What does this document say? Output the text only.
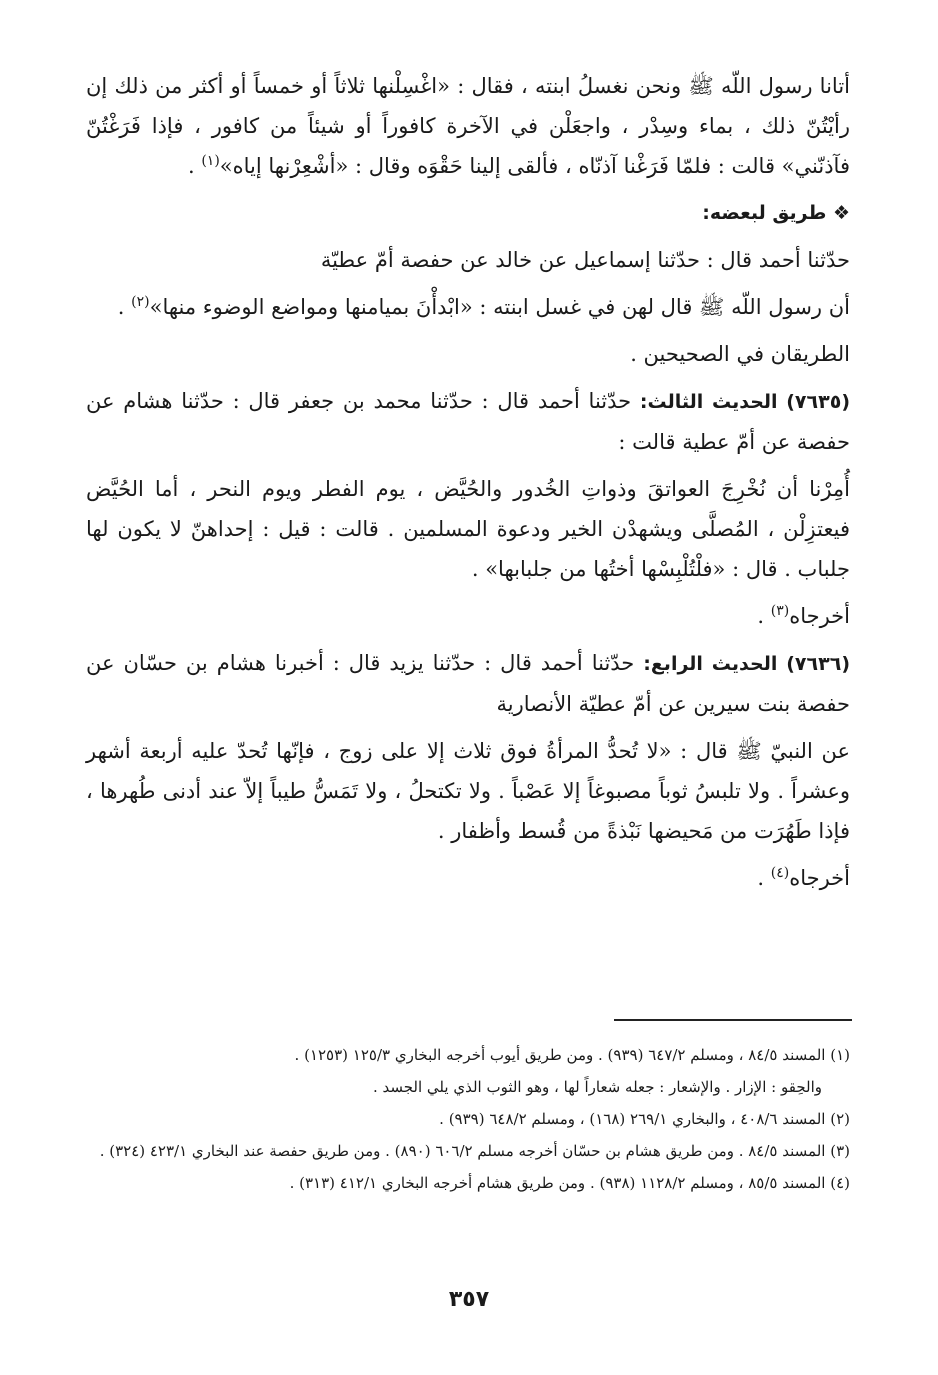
أتانا رسول اللّه ﷺ ونحن نغسلُ ابنته ، فقال : «اغْسِلْنها ثلاثاً أو خمساً أو أكثر من ذلك إن رأيْتُنّ ذلك ، بماء وسِدْر ، واجعَلْن في الآخرة كافوراً أو شيئاً من كافور ، فإذا فَرَغْتُنّ فآذنّني» قالت : فلمّا فَرَغْنا آذنّاه ، فألقى إلينا حَقْوَه وقال : «أشْعِرْنها إياه»$^{(١)}$ .

❖ طريق لبعضه:

حدّثنا أحمد قال : حدّثنا إسماعيل عن خالد عن حفصة أمّ عطيّة

أن رسول اللّه ﷺ قال لهن في غسل ابنته : «ابْدأْنَ بميامنها ومواضع الوضوء منها»$^{(٢)}$ .

الطريقان في الصحيحين .

(٧٦٣٥) الحديث الثالث: حدّثنا أحمد قال : حدّثنا محمد بن جعفر قال : حدّثنا هشام عن حفصة عن أمّ عطية قالت :

أُمِرْنا أن نُخْرِجَ العواتقَ وذواتِ الخُدور والحُيَّض ، يوم الفطر ويوم النحر ، أما الحُيَّض فيعتزِلْن ، المُصلَّى ويشهدْن الخير ودعوة المسلمين . قالت : قيل : إحداهنّ لا يكون لها جلباب . قال : «فلْتُلْبِسْها أختُها من جلبابها» .

أخرجاه$^{(٣)}$ .

(٧٦٣٦) الحديث الرابع: حدّثنا أحمد قال : حدّثنا يزيد قال : أخبرنا هشام بن حسّان عن حفصة بنت سيرين عن أمّ عطيّة الأنصارية

عن النبيّ ﷺ قال : «لا تُحدُّ المرأةُ فوق ثلاث إلا على زوج ، فإنّها تُحدّ عليه أربعة أشهر وعشراً . ولا تلبسُ ثوباً مصبوغاً إلا عَصْباً . ولا تكتحلُ ، ولا تَمَسُّ طيباً إلاّ عند أدنى طُهرها ، فإذا طَهُرَت من مَحيضها نَبْذةً من قُسط وأظفار .

أخرجاه$^{(٤)}$ .

(١) المسند ٨٤/٥ ، ومسلم ٦٤٧/٢ (٩٣٩) . ومن طريق أيوب أخرجه البخاري ١٢٥/٣ (١٢٥٣) .

والحِقو : الإزار . والإشعار : جعله شعاراً لها ، وهو الثوب الذي يلي الجسد .

(٢) المسند ٤٠٨/٦ ، والبخاري ٢٦٩/١ (١٦٨) ، ومسلم ٦٤٨/٢ (٩٣٩) .

(٣) المسند ٨٤/٥ . ومن طريق هشام بن حسّان أخرجه مسلم ٦٠٦/٢ (٨٩٠) . ومن طريق حفصة عند البخاري ٤٢٣/١ (٣٢٤) .

(٤) المسند ٨٥/٥ ، ومسلم ١١٢٨/٢ (٩٣٨) . ومن طريق هشام أخرجه البخاري ٤١٢/١ (٣١٣) .

٣٥٧
